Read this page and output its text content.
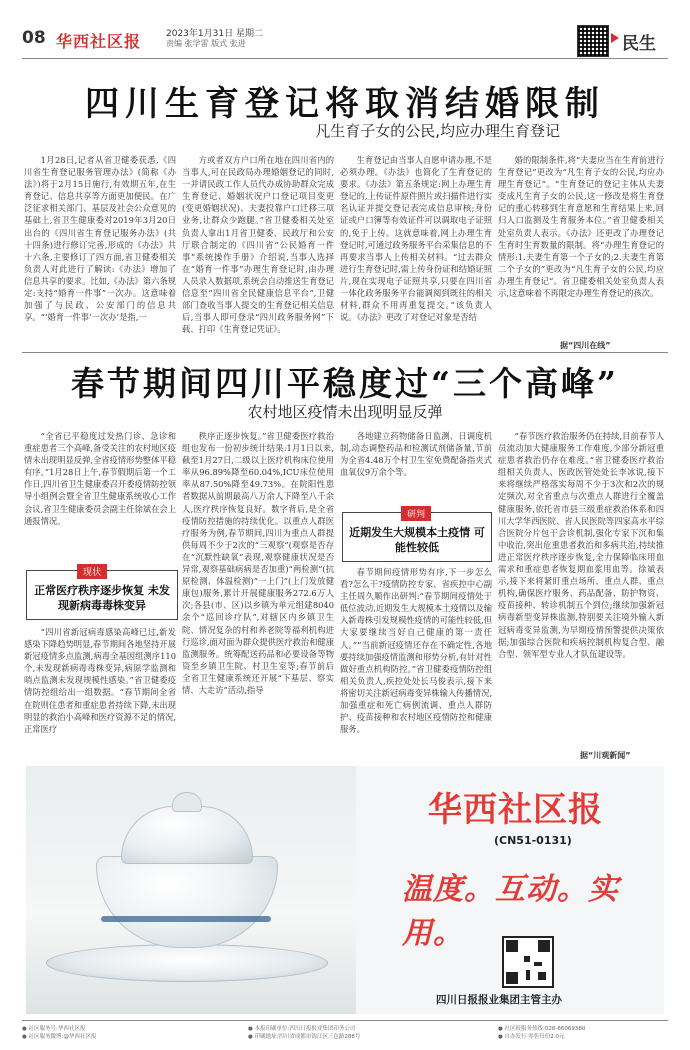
08 华西社区报	2023年1月31日 星期二
责编 张学雷 版式 张进	民生
四川生育登记将取消结婚限制
凡生育子女的公民,均应办理生育登记

1月28日,记者从省卫健委获悉,《四川省生育登记服务管理办法》(简称《办法》)将于2月15日施行,有效期五年,在生育登记、信息共享等方面更加便民。在广泛征求相关部门、基层及社会公众意见的基础上,省卫生健康委对2019年3月20日出台的《四川省生育登记服务办法》(共十四条)进行修订完善,形成的《办法》共十六条,主要修订了四方面,省卫健委相关负责人对此进行了解读:《办法》增加了信息共享的要求。比如,《办法》第六条规定:支持“婚育一件事”一次办。这意味着加强了与民政、公安部门的信息共享。“‘婚育一件事’一次办’是指,一

方或者双方户口所在地在四川省内的当事人,可在民政局办理婚姻登记的同时,一并请民政工作人员代办成协助群众完成生育登记、婚姻状况户口登记项目变更(变更婚姻状况)、夫妻投靠户口迁移三项业务,让群众少跑腿。”省卫健委相关处室负责人拿出1月省卫健委、民政厅和公安厅联合制定的《四川省“公民婚育一件事”系统操作手册》介绍说,当事人选择在“婚育一件事”办理生育登记时,由办理人员录入数据项,系统会自动推送生育登记信息至“四川省全民健康信息平台”,卫健部门查收当事人提交的生育登记相关信息后,当事人即可登录“四川政务服务网”下载、打印《生育登记凭证》。

生育登记由当事人自愿申请办理,不是必须办理。《办法》也简化了生育登记的要求。《办法》第五条规定:网上办理生育登记的,上传证件原件照片或扫描件进行实名认证并提交登记表完成信息审核;身份证或户口簿等有效证件可以调取电子证照的,免于上传。这就意味着,网上办理生育登记时,可通过政务服务平台采集信息的不再要求当事人上传相关材料。“过去群众进行生育登记时,需上传身份证和结婚证照片,现在实现电子证照共享,只要在四川省一体化政务服务平台能调阅到既往的相关材料,群众不用再重复提交。”该负责人说。《办法》更改了对登记对象是否结

婚的限制条件,将“夫妻应当在生育前进行生育登记”更改为“凡生育子女的公民,均应办理生育登记”。“生育登记的登记主体从夫妻变成凡生育子女的公民,这一修改是将生育登记的重心转移到生育意愿和生育结果上来,回归人口监测及生育服务本位。”省卫健委相关处室负责人表示。《办法》还更改了办理登记生育时生育数量的限制。将“办理生育登记的情形:1.夫妻生育第一个子女的;2.夫妻生育第二个子女的”更改为“凡生育子女的公民,均应办理生育登记”。省卫健委相关处室负责人表示,这意味着不再限定办理生育登记的孩次。

据“四川在线”
春节期间四川平稳度过“三个高峰”
农村地区疫情未出现明显反弹

“全省已平稳度过发热门诊、急诊和重症患者三个高峰,备受关注的农村地区疫情未出现明显反弹,全省疫情形势整体平稳有序。”1月28日上午,春节假期后第一个工作日,四川省卫生健康委召开委疫情防控领导小组例会暨全省卫生健康系统收心工作会议,省卫生健康委员会副主任徐斌在会上通报情况。

现状
正常医疗秩序逐步恢复 未发现新病毒毒株变异

“四川省新冠病毒感染高峰已过,新发感染下降趋势明显,春节期间各地坚持开展新冠疫情多点监测,病毒全基因组测序110个,未发现新病毒毒株变异,病原学监测和哨点监测未发现规模性感染。”省卫健委疫情防控组给出一组数据。“春节期间全省在院则住患者和重症患者持续下降,未出现明显的救治小高峰和医疗资源不足的情况,正常医疗

秩序正逐步恢复。”省卫健委医疗救治组也发布一份初步统计结果:1月1日以来,截至1月27日,二级以上医疗机构床位使用率从96.89%降至60.04%,ICU床位使用率从87.50%降至49.73%。在院阳性患者数据从前期最高八万余人下降至八千余人,医疗秩序恢复良好。数字背后,是全省疫情防控措施的持续优化。以重点人群医疗服务为例,春节期间,四川为重点人群提供每周不少于2次的“三观察”(观察是否存在“沉默性缺氧”表现,观察健康状况是否异常,观察基础病病是否加重)“两检测”(抗原检测、体温检测)“一上门”(上门发放健康包)服务,累计开展健康服务272.6万人次;各县(市、区)以乡镇为单元组建8040余个“巡回诊疗队”,对辖区内乡镇卫生院、情况复杂的村和养老院等福利机构进行巡诊,面对面为群众提供医疗救治和健康监测服务。统筹配送药品和必要设备等物资至乡镇卫生院、村卫生室等;春节前后全省卫生健康系统还开展“下基层、察实情、大走访”活动,指导

各地建立药物储备日监测、日调度机制,动态调整药品和检测试剂储备量,节前为全省4.48万个村卫生室免费配备指夹式血氧仪9万余个等。

研判
近期发生大规模本土疫情 可能性较低

春节期间疫情形势有序,下一步怎么看?怎么干?疫情防控专家、省疾控中心副主任周久顺作出研判:“春节期间疫情处于低位波动,近期发生大规模本土疫情以及输入新毒株引发规模性疫情的可能性较低,但大家要继续当好自己健康的第一责任人。”“当前新冠疫情还存在不确定性,各地要持续加强疫情监测和形势分析,有针对性做好重点机构防控。”省卫健委疫情防控组相关负责人,疾控处处长马俊表示,接下来将密切关注新冠病毒变异株输入传播情况,加强重症和死亡病例流调、重点人群防护、疫苗接种和农村地区疫情防控和健康服务。

“春节医疗救治服务仍在持续,目前春节人员流动加大健康服务工作难度,少部分新冠重症患者救治仍存在难度。”省卫健委医疗救治组相关负责人、医政医管处处长李冰说,接下来将继续严格落实每周不少于3次和2次的规定频次,对全省重点与次重点人群进行全覆盖健康服务,依托省市县三级重症救治体系和四川大学华西医院、省人民医院等四家高水平综合医院分片包干会诊机制,强化专家下沉和集中收治,突出危重患者救治和多病共治,持续推进正常医疗秩序逐步恢复,全力保障临床用血需求和重症患者恢复期血浆用血等。徐斌表示,接下来将紧盯重点场所、重点人群、重点机构,确保医疗服务、药品配备、防护物资、疫苗接种、转诊机制五个到位;继续加强新冠病毒新型变异株监测,特别要关注境外输入新冠病毒变异监测,为早期疫情预警提供决策依据;加强综合医院和疾病控制机构复合型、融合型、领军型专业人才队伍建设等。

据“川观新闻”
华西社区报
(CN51-0131)
温度。互动。实用。
四川日报报业集团主管主办
● 社区服务号:华西社区报
● 社区服务微博:@华西社区报
● 本报印刷单位:四川日报报业集团印务公司
● 印刷地址:四川省成都市锦江区三色路288号
● 社区报服务热线:028-86069380
● 自办发行 零售每份2.0元
